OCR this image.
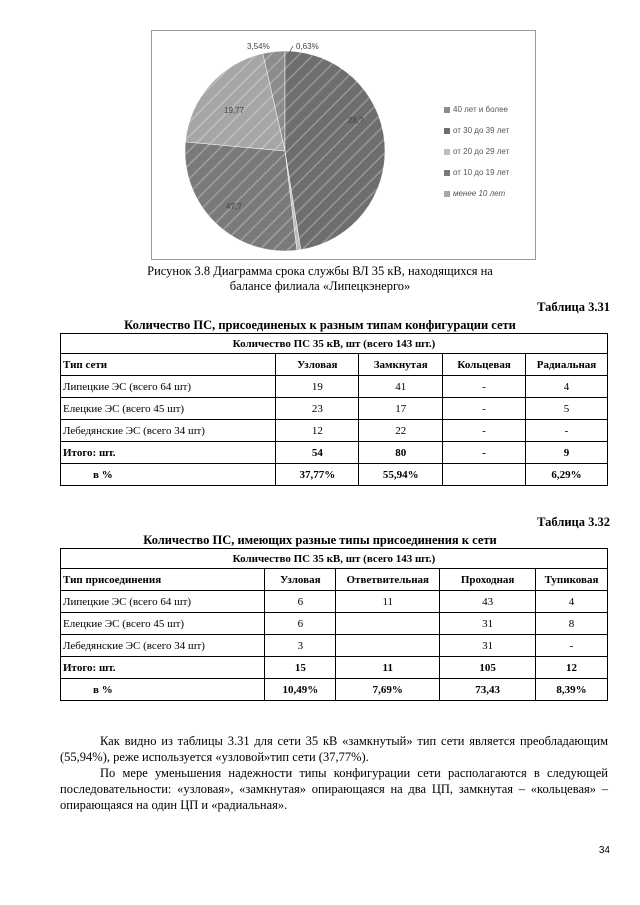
3,54%
47,?
0,63%
28,?
19,77	40 лет и более
от 30 до 39 лет
от 20 до 29 лет
от 10 до 19 лет
менее 10 лет
Рисунок 3.8 Диаграмма срока службы ВЛ 35 кВ, находящихся на
балансе филиала «Липецкэнерго»
Таблица 3.31
Количество ПС, присоединеных к разным типам конфигурации сети
Количество ПС 35 кВ, шт (всего 143 шт.)				
Тип сети	Узловая	Замкнутая	Кольцевая	Радиальная
Липецкие ЭС (всего 64 шт)	19	41	-	4
Елецкие ЭС (всего 45 шт)	23	17	-	5
Лебедянские ЭС (всего 34 шт)	12	22	-	-
Итого: шт.	54	80	-	9
в %	37,77%	55,94%		6,29%
Таблица 3.32
Количество ПС, имеющих разные типы присоединения к сети
Количество ПС 35 кВ, шт (всего 143 шт.)				
Тип присоединения	Узловая	Ответвительная	Проходная	Тупиковая
Липецкие ЭС (всего 64 шт)	6	11	43	4
Елецкие ЭС (всего 45 шт)	6		31	8
Лебедянские ЭС (всего 34 шт)	3		31	-
Итого: шт.	15	11	105	12
в %	10,49%	7,69%	73,43	8,39%

Как видно из таблицы 3.31 для сети 35 кВ «замкнутый» тип сети является преобладающим (55,94%), реже используется «узловой»тип сети (37,77%).

По мере уменьшения надежности типы конфигурации сети располагаются в следующей последовательности: «узловая», «замкнутая» опирающаяся на два ЦП, замкнутая – «кольцевая» – опирающаяся на один ЦП и «радиальная».

34
